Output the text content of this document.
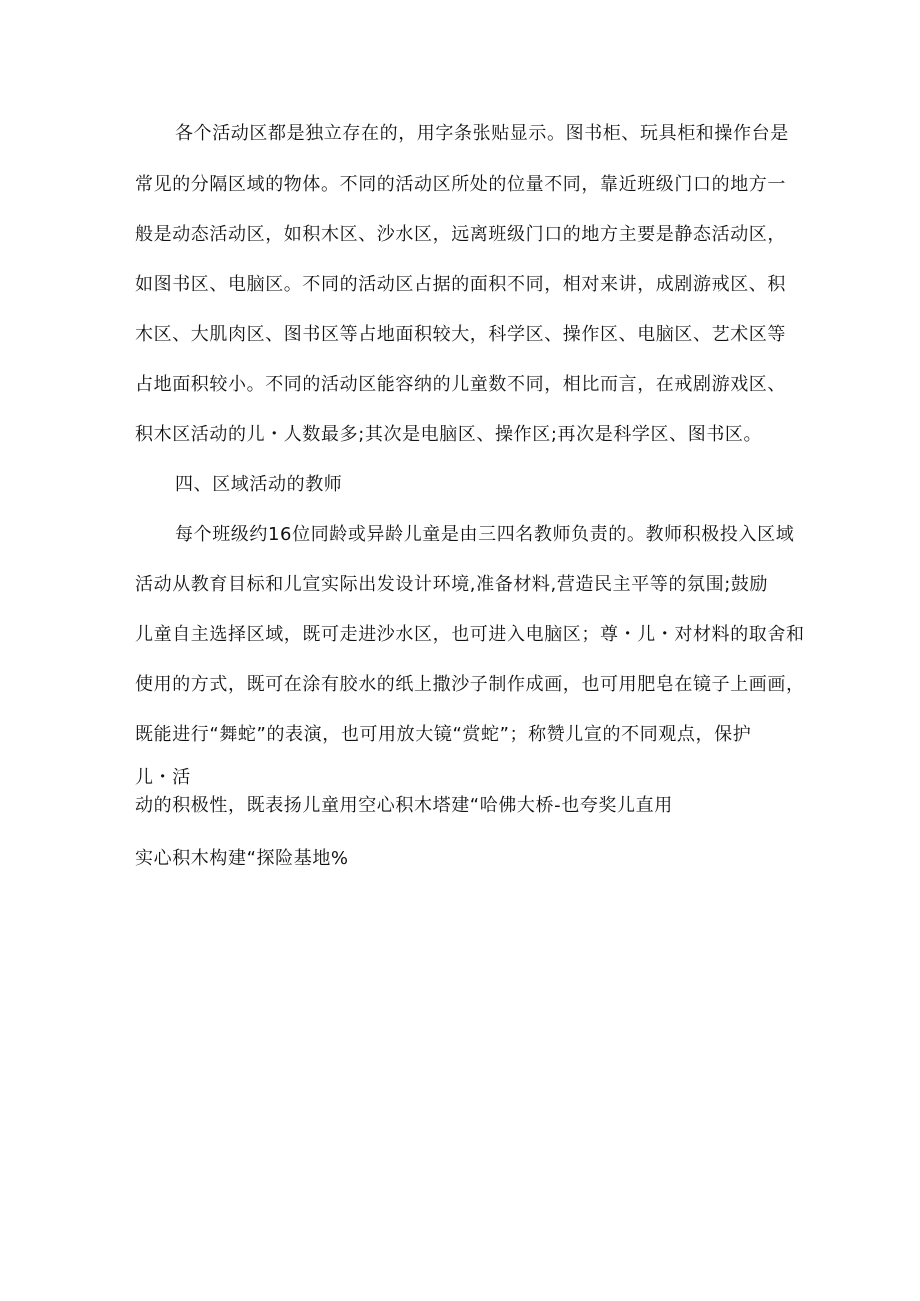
各个活动区都是独立存在的，用字条张贴显示。图书柜、玩具柜和操作台是
常见的分隔区域的物体。不同的活动区所处的位量不同，靠近班级门口的地方一
般是动态活动区，如积木区、沙水区，远离班级门口的地方主要是静态活动区，
如图书区、电脑区。不同的活动区占据的面积不同，相对来讲，成剧游戒区、积
木区、大肌肉区、图书区等占地面积较大，科学区、操作区、电脑区、艺术区等
占地面积较小。不同的活动区能容纳的儿童数不同，相比而言，在戒剧游戏区、
积木区活动的儿・人数最多;其次是电脑区、操作区;再次是科学区、图书区。
四、区域活动的教师
每个班级约16位同龄或异龄儿童是由三四名教师负责的。教师积极投入区域
活动从教育目标和儿宣实际出发设计环境,准备材料,营造民主平等的氛围;鼓励
儿童自主选择区域，既可走进沙水区，也可进入电脑区；尊・儿・对材料的取舍和
使用的方式，既可在涂有胶水的纸上撒沙子制作成画，也可用肥皂在镜子上画画，
既能进行“舞蛇”的表演，也可用放大镜“赏蛇”；称赞儿宣的不同观点，保护
儿・活
动的积极性，既表扬儿童用空心积木塔建“哈佛大桥-也夸奖儿直用
实心积木构建“探险基地%
